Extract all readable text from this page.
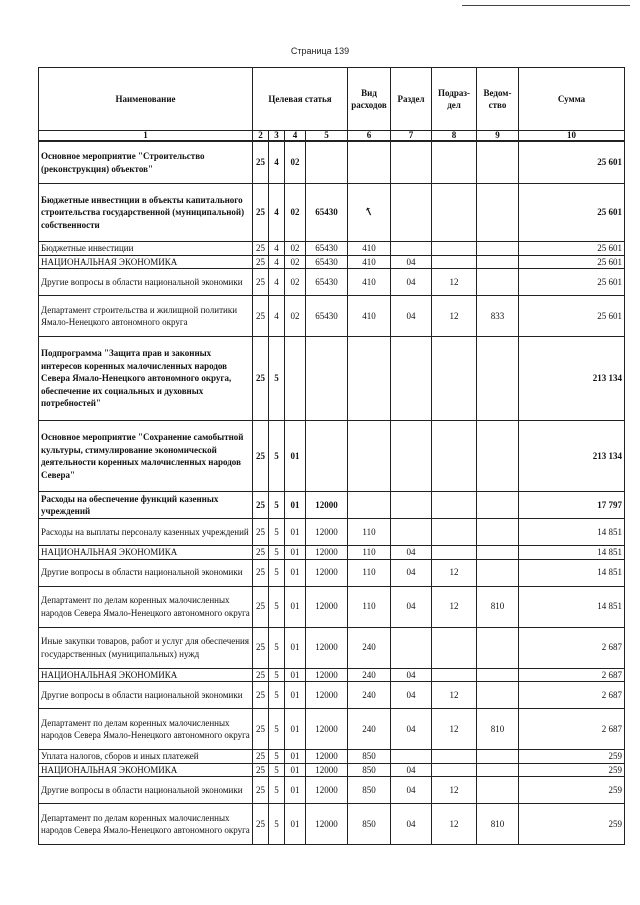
Страница 139
Наименование	Целевая статья				Вид расходов	Раздел	Подраз-дел	Ведом-ство	Сумма
1	2	3	4	5	6	7	8	9	10
Основное мероприятие "Строительство (реконструкция) объектов"	25	4	02						25 601
Бюджетные инвестиции в объекты капитального строительства государственной (муниципальной) собственности	25	4	02	65430	↖				25 601
Бюджетные инвестиции	25	4	02	65430	410				25 601
НАЦИОНАЛЬНАЯ ЭКОНОМИКА	25	4	02	65430	410	04			25 601
Другие вопросы в области национальной экономики	25	4	02	65430	410	04	12		25 601
Департамент строительства и жилищной политики Ямало-Ненецкого автономного округа	25	4	02	65430	410	04	12	833	25 601
Подпрограмма "Защита прав и законных интересов коренных малочисленных народов Севера Ямало-Ненецкого автономного округа, обеспечение их социальных и духовных потребностей"	25	5							213 134
Основное мероприятие "Сохранение самобытной культуры, стимулирование экономической деятельности коренных малочисленных народов Севера"	25	5	01						213 134
Расходы на обеспечение функций казенных учреждений	25	5	01	12000					17 797
Расходы на выплаты персоналу казенных учреждений	25	5	01	12000	110				14 851
НАЦИОНАЛЬНАЯ ЭКОНОМИКА	25	5	01	12000	110	04			14 851
Другие вопросы в области национальной экономики	25	5	01	12000	110	04	12		14 851
Департамент по делам коренных малочисленных народов Севера Ямало-Ненецкого автономного округа	25	5	01	12000	110	04	12	810	14 851
Иные закупки товаров, работ и услуг для обеспечения государственных (муниципальных) нужд	25	5	01	12000	240				2 687
НАЦИОНАЛЬНАЯ ЭКОНОМИКА	25	5	01	12000	240	04			2 687
Другие вопросы в области национальной экономики	25	5	01	12000	240	04	12		2 687
Департамент по делам коренных малочисленных народов Севера Ямало-Ненецкого автономного округа	25	5	01	12000	240	04	12	810	2 687
Уплата налогов, сборов и иных платежей	25	5	01	12000	850				259
НАЦИОНАЛЬНАЯ ЭКОНОМИКА	25	5	01	12000	850	04			259
Другие вопросы в области национальной экономики	25	5	01	12000	850	04	12		259
Департамент по делам коренных малочисленных народов Севера Ямало-Ненецкого автономного округа	25	5	01	12000	850	04	12	810	259
